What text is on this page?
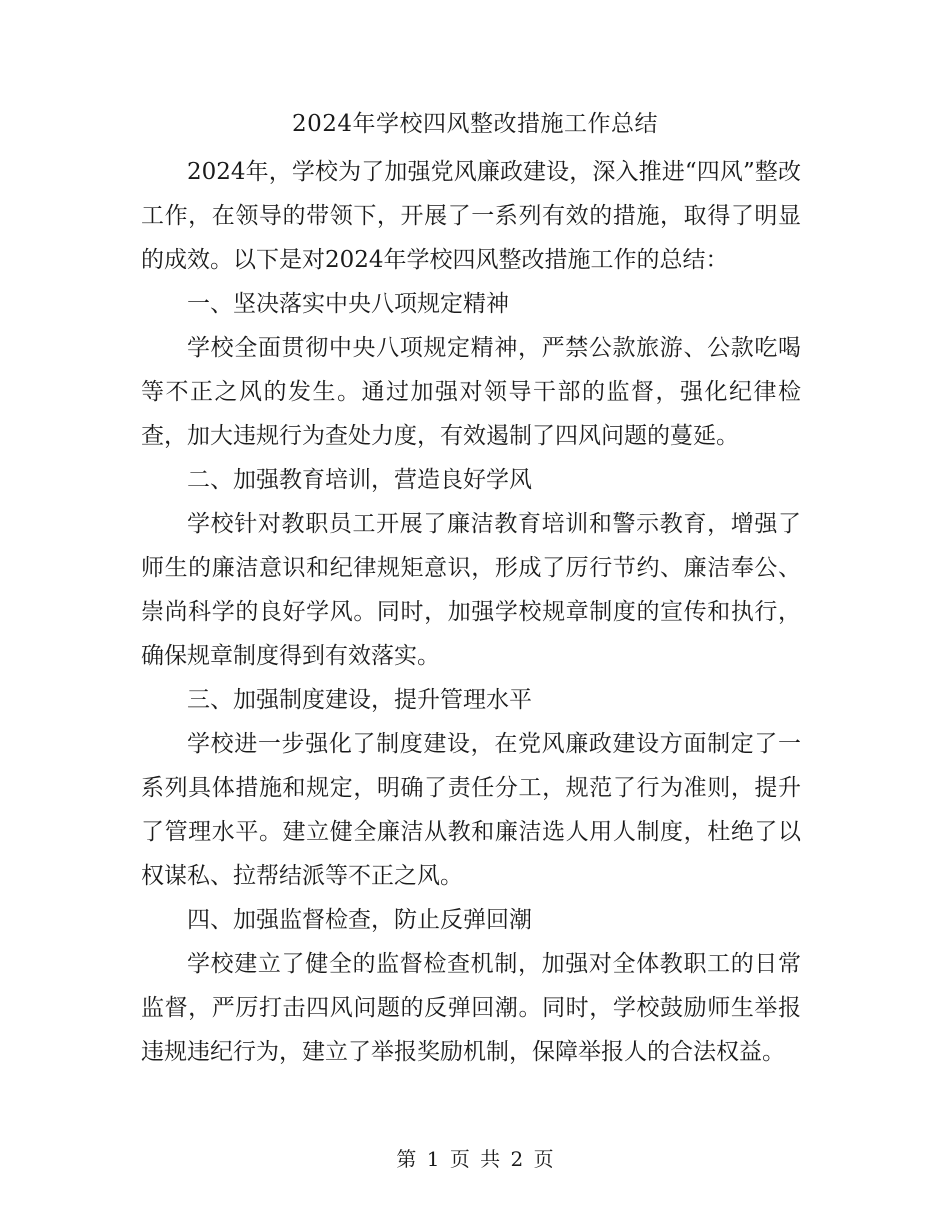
2024年学校四风整改措施工作总结

2024年，学校为了加强党风廉政建设，深入推进“四风”整改工作，在领导的带领下，开展了一系列有效的措施，取得了明显的成效。以下是对2024年学校四风整改措施工作的总结：

一、坚决落实中央八项规定精神

学校全面贯彻中央八项规定精神，严禁公款旅游、公款吃喝等不正之风的发生。通过加强对领导干部的监督，强化纪律检查，加大违规行为查处力度，有效遏制了四风问题的蔓延。

二、加强教育培训，营造良好学风

学校针对教职员工开展了廉洁教育培训和警示教育，增强了师生的廉洁意识和纪律规矩意识，形成了厉行节约、廉洁奉公、崇尚科学的良好学风。同时，加强学校规章制度的宣传和执行，确保规章制度得到有效落实。

三、加强制度建设，提升管理水平

学校进一步强化了制度建设，在党风廉政建设方面制定了一系列具体措施和规定，明确了责任分工，规范了行为准则，提升了管理水平。建立健全廉洁从教和廉洁选人用人制度，杜绝了以权谋私、拉帮结派等不正之风。

四、加强监督检查，防止反弹回潮

学校建立了健全的监督检查机制，加强对全体教职工的日常监督，严厉打击四风问题的反弹回潮。同时，学校鼓励师生举报违规违纪行为，建立了举报奖励机制，保障举报人的合法权益。

第 1 页 共 2 页
